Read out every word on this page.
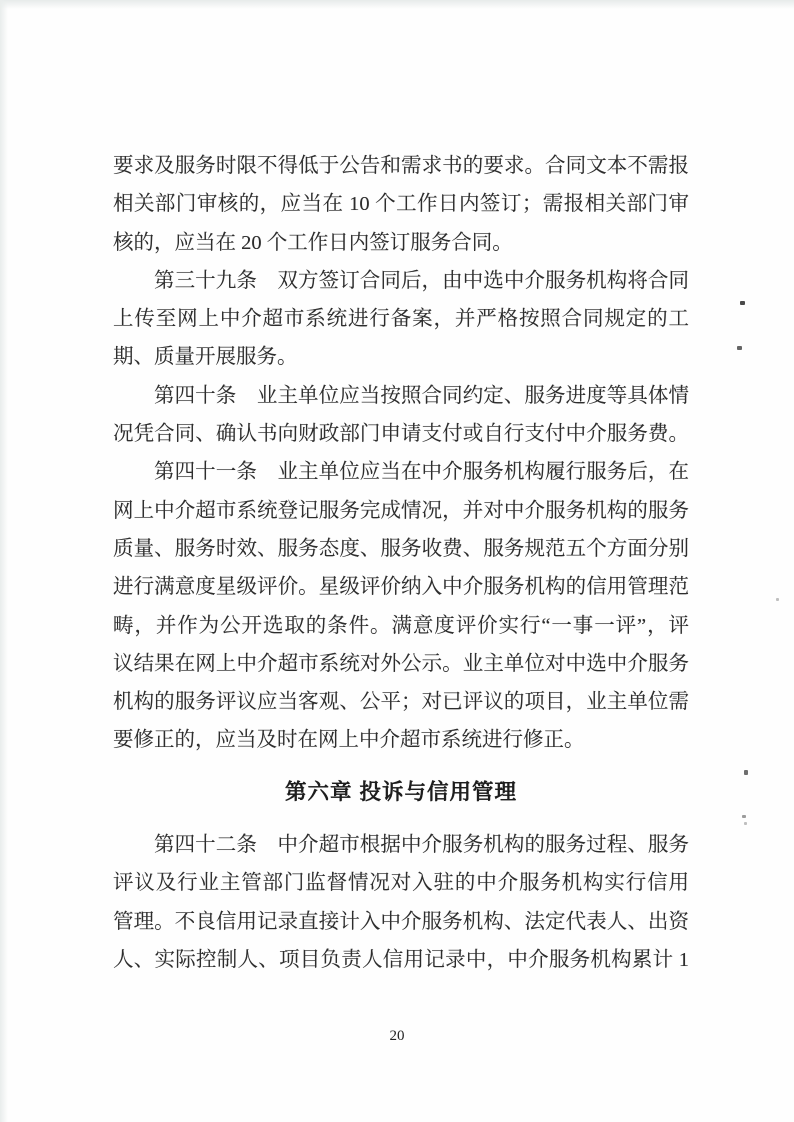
要求及服务时限不得低于公告和需求书的要求。合同文本不需报
相关部门审核的，应当在 10 个工作日内签订；需报相关部门审
核的，应当在 20 个工作日内签订服务合同。
第三十九条　双方签订合同后，由中选中介服务机构将合同
上传至网上中介超市系统进行备案，并严格按照合同规定的工
期、质量开展服务。
第四十条　业主单位应当按照合同约定、服务进度等具体情
况凭合同、确认书向财政部门申请支付或自行支付中介服务费。
第四十一条　业主单位应当在中介服务机构履行服务后，在
网上中介超市系统登记服务完成情况，并对中介服务机构的服务
质量、服务时效、服务态度、服务收费、服务规范五个方面分别
进行满意度星级评价。星级评价纳入中介服务机构的信用管理范
畴，并作为公开选取的条件。满意度评价实行“一事一评”，评
议结果在网上中介超市系统对外公示。业主单位对中选中介服务
机构的服务评议应当客观、公平；对已评议的项目，业主单位需
要修正的，应当及时在网上中介超市系统进行修正。
第六章 投诉与信用管理
第四十二条　中介超市根据中介服务机构的服务过程、服务
评议及行业主管部门监督情况对入驻的中介服务机构实行信用
管理。不良信用记录直接计入中介服务机构、法定代表人、出资
人、实际控制人、项目负责人信用记录中，中介服务机构累计 1
20
